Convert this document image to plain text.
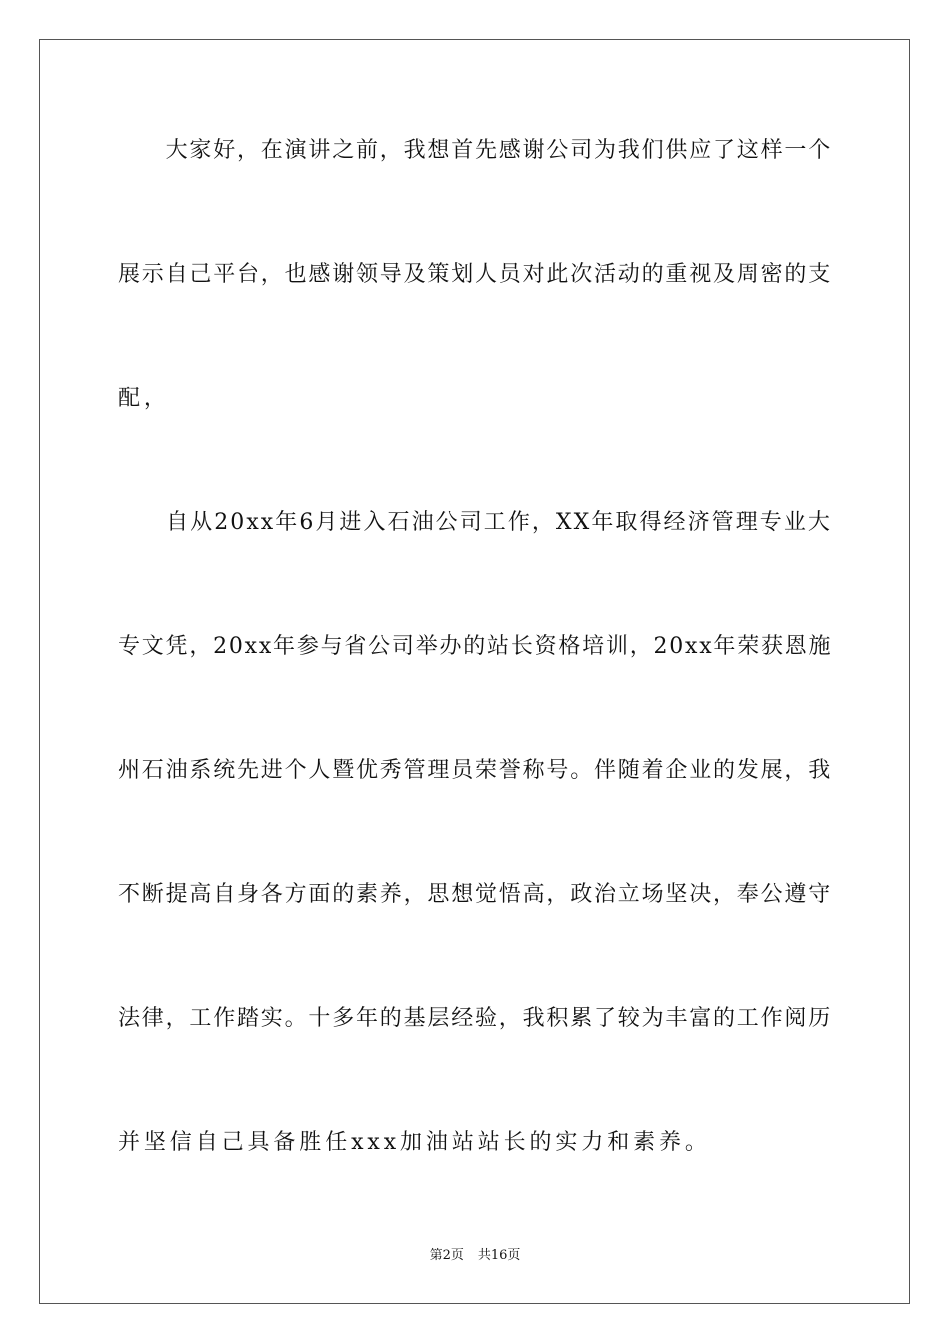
　　大家好，在演讲之前，我想首先感谢公司为我们供应了这样一个
展示自己平台，也感谢领导及策划人员对此次活动的重视及周密的支
配，
　　自从20xx年6月进入石油公司工作，XX年取得经济管理专业大
专文凭，20xx年参与省公司举办的站长资格培训，20xx年荣获恩施
州石油系统先进个人暨优秀管理员荣誉称号。伴随着企业的发展，我
不断提高自身各方面的素养，思想觉悟高，政治立场坚决，奉公遵守
法律，工作踏实。十多年的基层经验，我积累了较为丰富的工作阅历
并坚信自己具备胜任xxx加油站站长的实力和素养。
第2页 共16页
